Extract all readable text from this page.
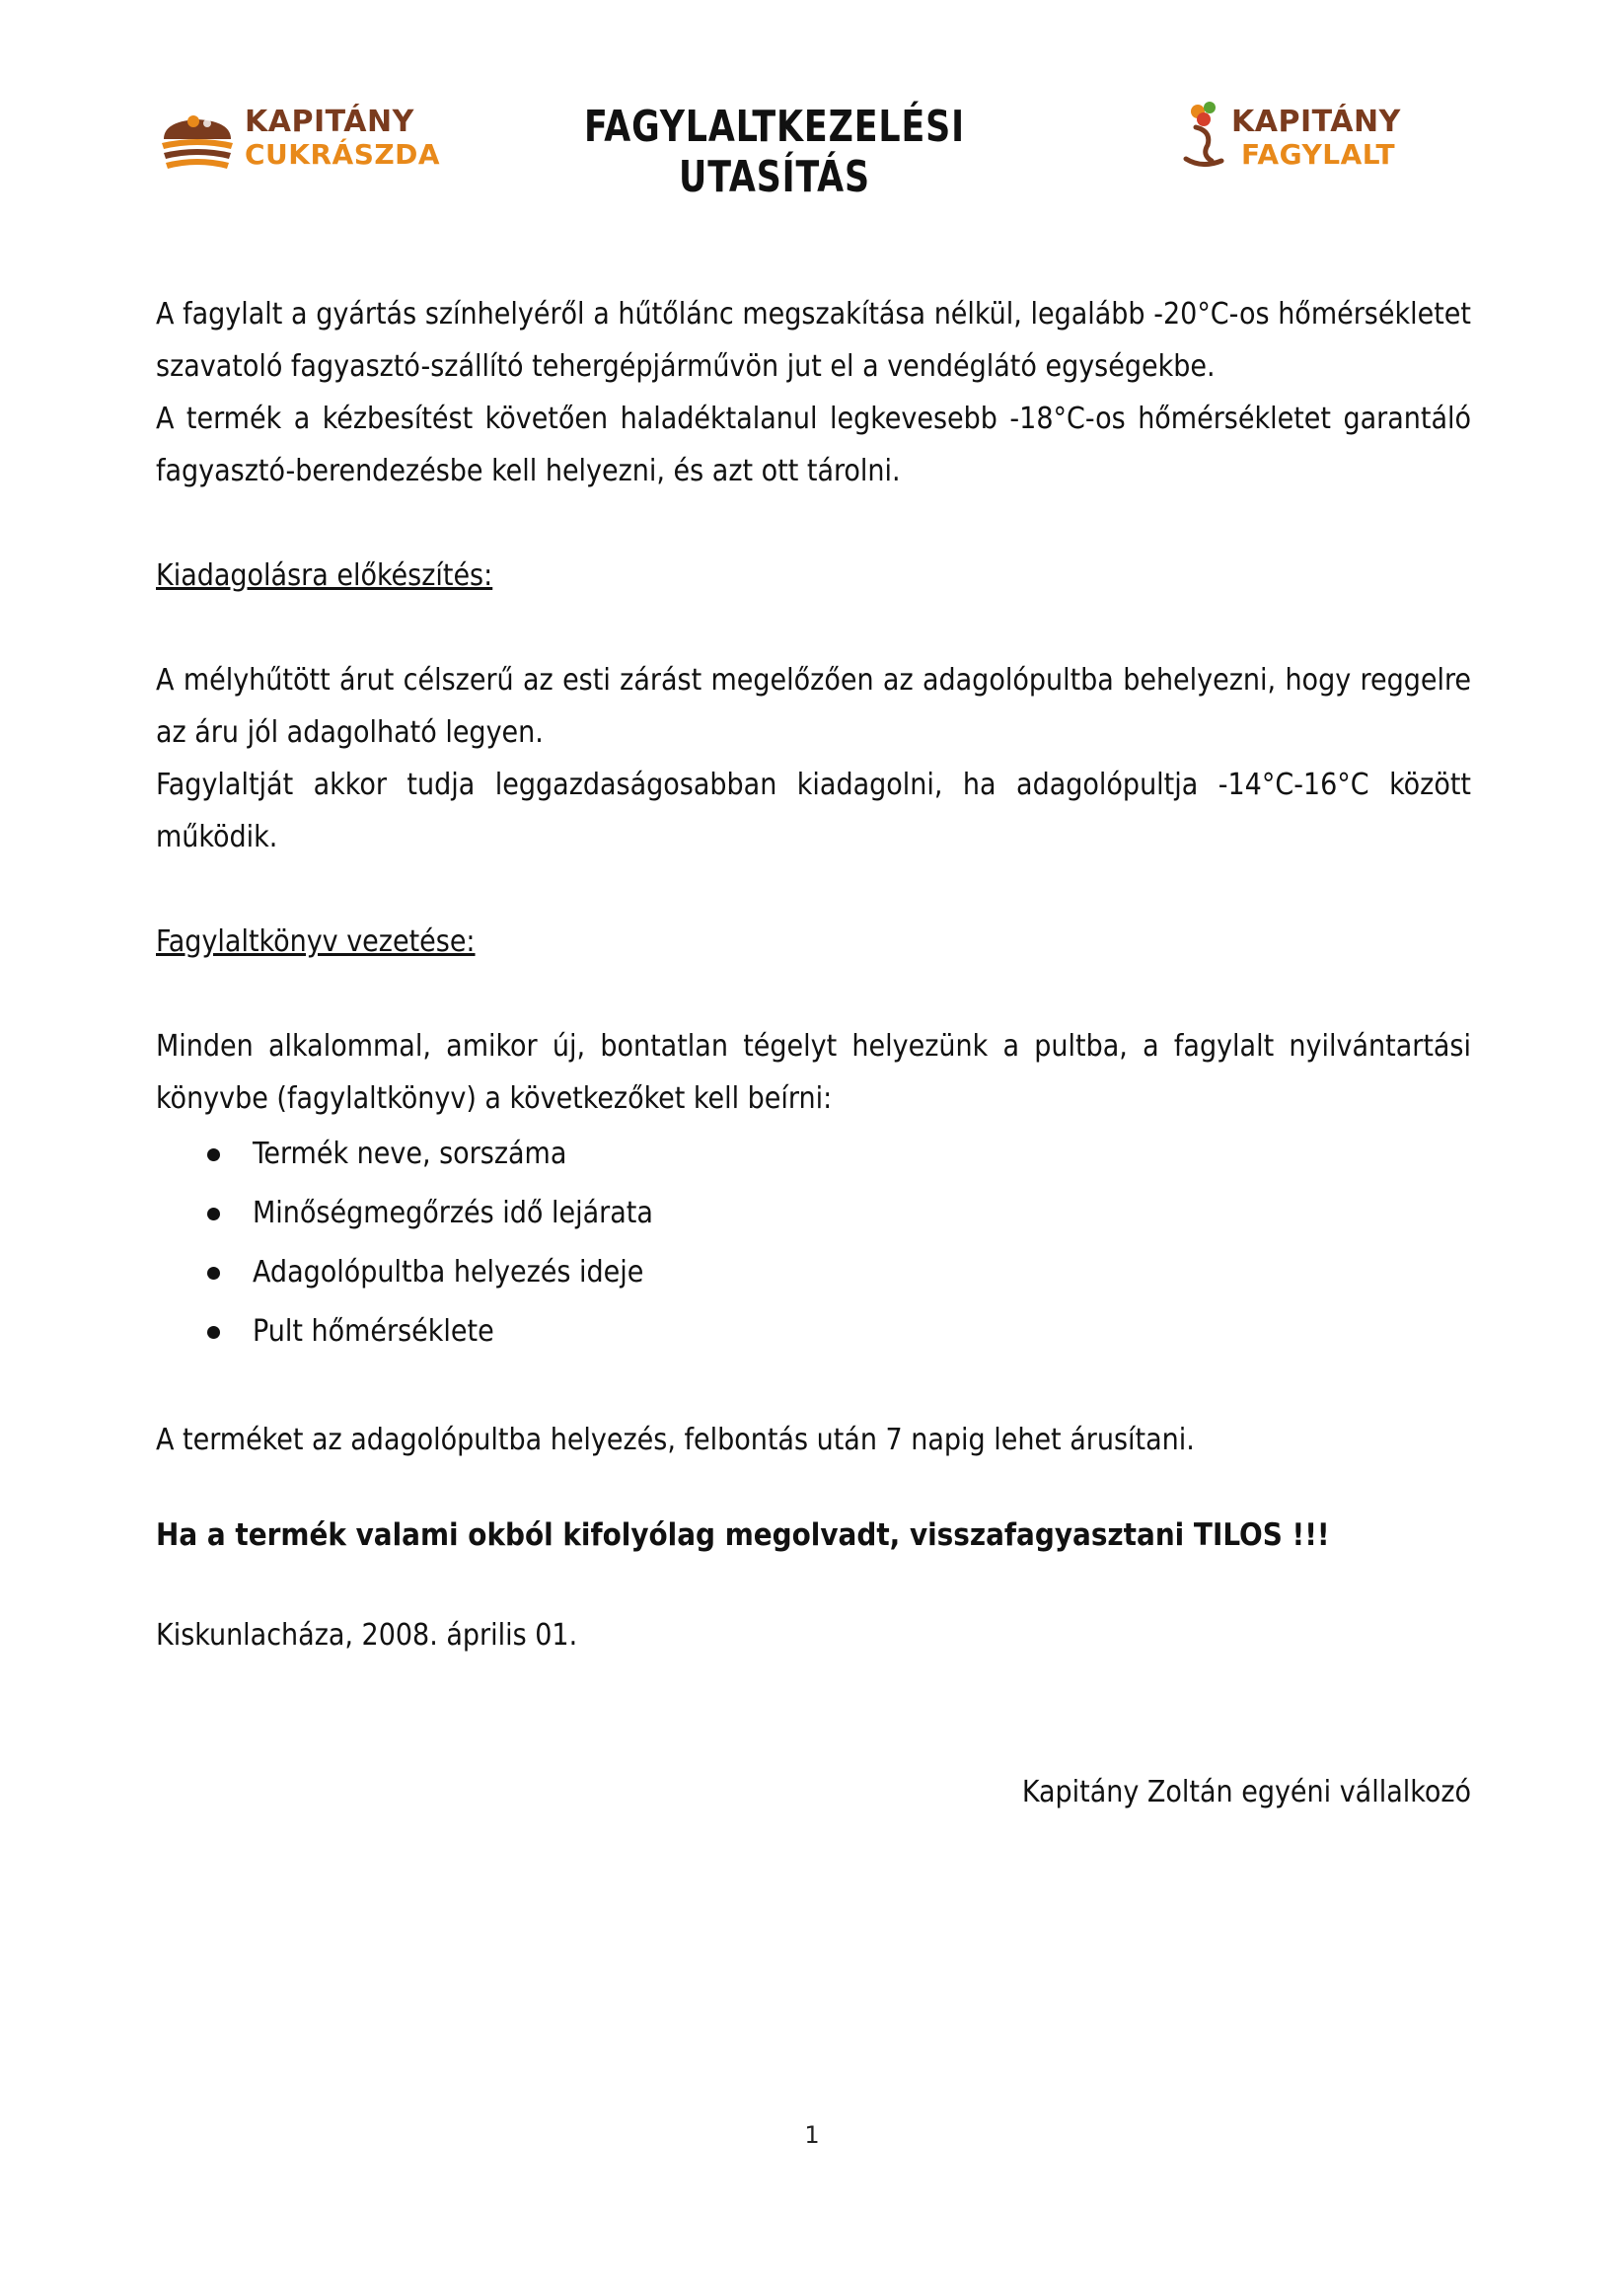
KAPITÁNY
CUKRÁSZDA
FAGYLALTKEZELÉSI UTASÍTÁS
KAPITÁNY
FAGYLALT

A fagylalt a gyártás színhelyéről a hűtőlánc megszakítása nélkül, legalább -20°C-os hőmérsékletet szavatoló fagyasztó-szállító tehergépjárművön jut el a vendéglátó egységekbe.

A termék a kézbesítést követően haladéktalanul legkevesebb -18°C-os hőmérsékletet garantáló fagyasztó-berendezésbe kell helyezni, és azt ott tárolni.

Kiadagolásra előkészítés:

A mélyhűtött árut célszerű az esti zárást megelőzően az adagolópultba behelyezni, hogy reggelre az áru jól adagolható legyen.

Fagylaltját akkor tudja leggazdaságosabban kiadagolni, ha adagolópultja -14°C-16°C között működik.

Fagylaltkönyv vezetése:

Minden alkalommal, amikor új, bontatlan tégelyt helyezünk a pultba, a fagylalt nyilvántartási könyvbe (fagylaltkönyv) a következőket kell beírni:

Termék neve, sorszáma
Minőségmegőrzés idő lejárata
Adagolópultba helyezés ideje
Pult hőmérséklete

A terméket az adagolópultba helyezés, felbontás után 7 napig lehet árusítani.

Ha a termék valami okból kifolyólag megolvadt, visszafagyasztani TILOS !!!

Kiskunlacháza, 2008. április 01.

Kapitány Zoltán egyéni vállalkozó

1
